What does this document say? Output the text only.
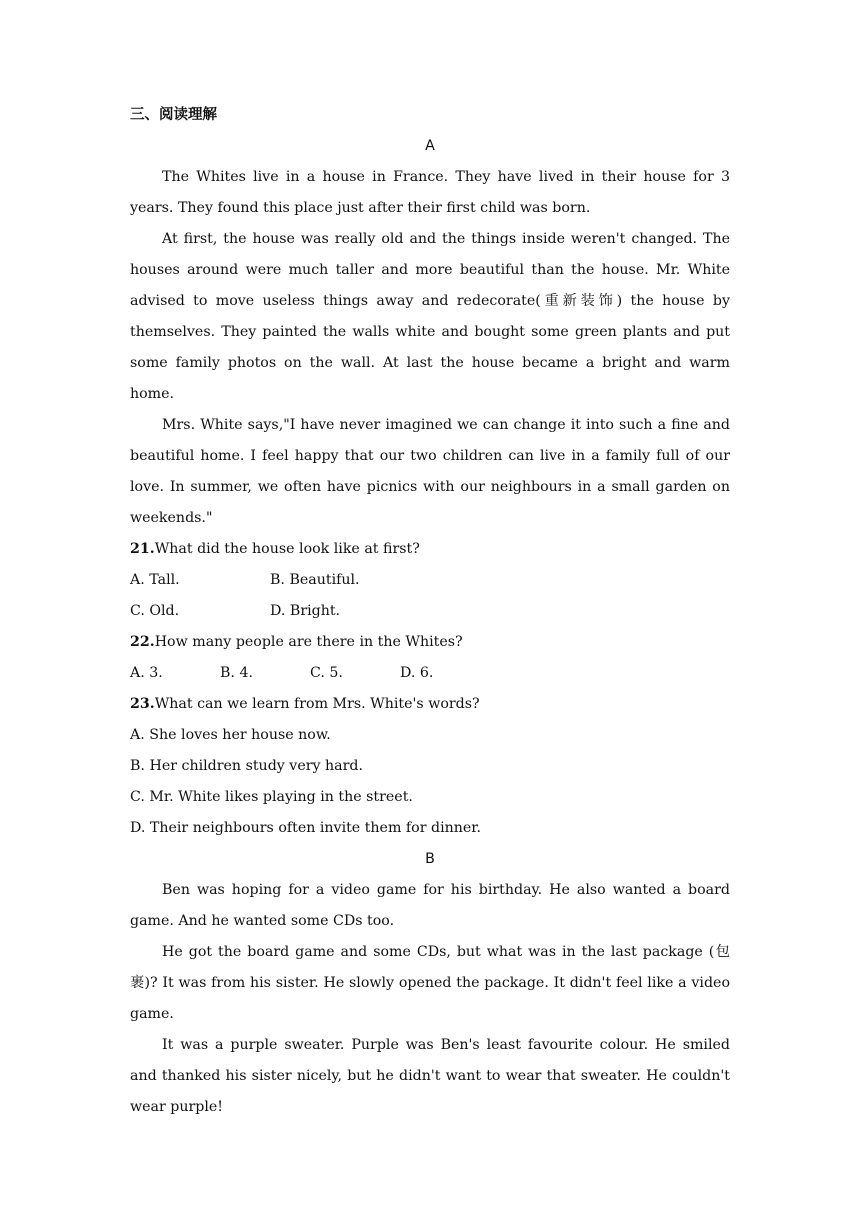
三、阅读理解
A

The Whites live in a house in France. They have lived in their house for 3 years. They found this place just after their first child was born.

At first, the house was really old and the things inside weren't changed. The houses around were much taller and more beautiful than the house. Mr. White advised to move useless things away and redecorate(重新装饰) the house by themselves. They painted the walls white and bought some green plants and put some family photos on the wall. At last the house became a bright and warm home.

Mrs. White says,"I have never imagined we can change it into such a fine and beautiful home. I feel happy that our two children can live in a family full of our love. In summer, we often have picnics with our neighbours in a small garden on weekends."

21.What did the house look like at first?

A. Tall.	B. Beautiful.
C. Old.	D. Bright.

22.How many people are there in the Whites?

A. 3.	B. 4.	C. 5.	D. 6.

23.What can we learn from Mrs. White's words?

A. She loves her house now.

B. Her children study very hard.

C. Mr. White likes playing in the street.

D. Their neighbours often invite them for dinner.

B

Ben was hoping for a video game for his birthday. He also wanted a board game. And he wanted some CDs too.

He got the board game and some CDs, but what was in the last package (包裹)? It was from his sister. He slowly opened the package. It didn't feel like a video game.

It was a purple sweater. Purple was Ben's least favourite colour. He smiled and thanked his sister nicely, but he didn't want to wear that sweater. He couldn't wear purple!
